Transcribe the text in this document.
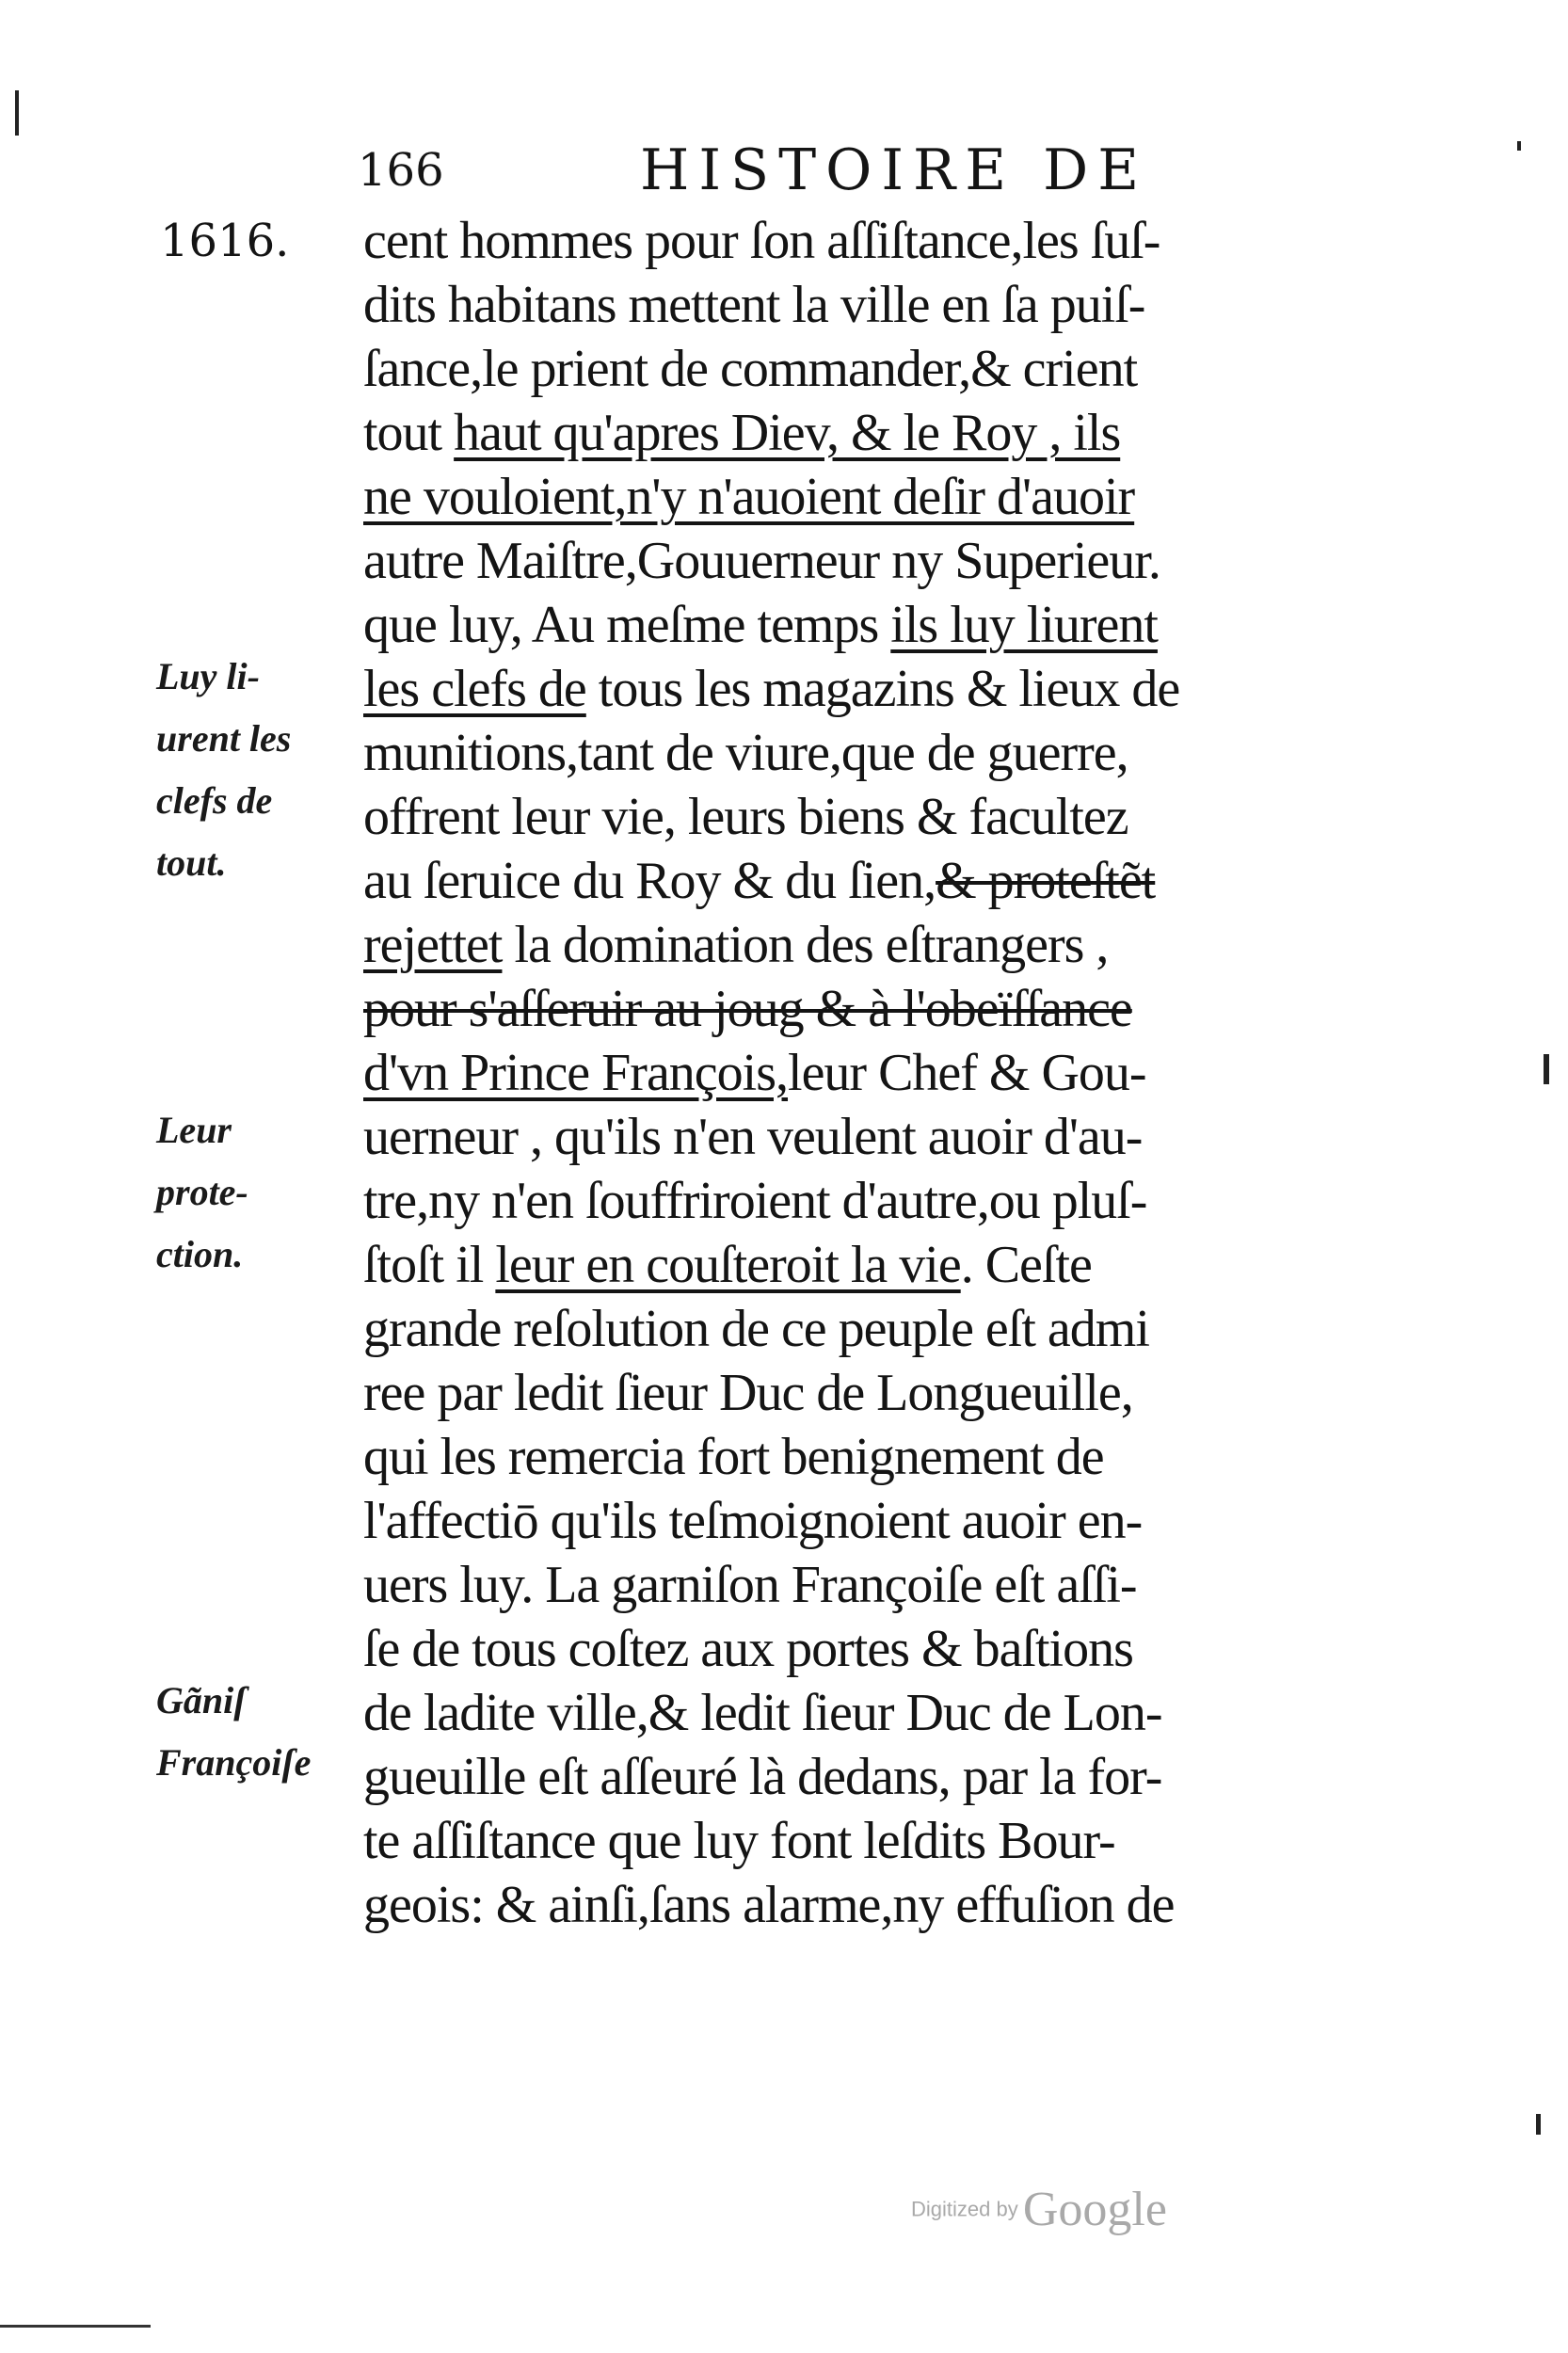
166	HISTOIRE DE
1616. cent hommes pour ſon aſſiſtance,les ſuſ-
dits habitans mettent la ville en ſa puiſ-
ſance,le prient de commander,& crient
tout haut qu'apres Diev, & le Roy , ils
ne vouloient,n'y n'auoient deſir d'auoir
autre Maiſtre,Gouuerneur ny Superieur.
que luy, Au meſme temps ils luy liurent
les clefs de tous les magazins & lieux de
munitions,tant de viure,que de guerre,
offrent leur vie, leurs biens & facultez
au ſeruice du Roy & du ſien,& proteſtẽt
rejettet la domination des eſtrangers ,
pour s'aſſeruir au joug & à l'obeïſſance
d'vn Prince François,leur Chef & Gou-
uerneur , qu'ils n'en veulent auoir d'au-
tre,ny n'en ſouffriroient d'autre,ou pluſ-
ſtoſt il leur en couſteroit la vie. Ceſte
grande reſolution de ce peuple eſt admi
ree par ledit ſieur Duc de Longueuille,
qui les remercia fort benignement de
l'affectiō qu'ils teſmoignoient auoir en-
uers luy. La garniſon Françoiſe eſt aſſi-
ſe de tous coſtez aux portes & baſtions
de ladite ville,& ledit ſieur Duc de Lon-
gueuille eſt aſſeuré là dedans, par la for-
te aſſiſtance que luy font leſdits Bour-
geois: & ainſi,ſans alarme,ny effuſion de
Luy li-
urent les
clefs de
tout.
Leur
prote-
ction.
Gãniſ
Françoiſe
Digitized by Google
